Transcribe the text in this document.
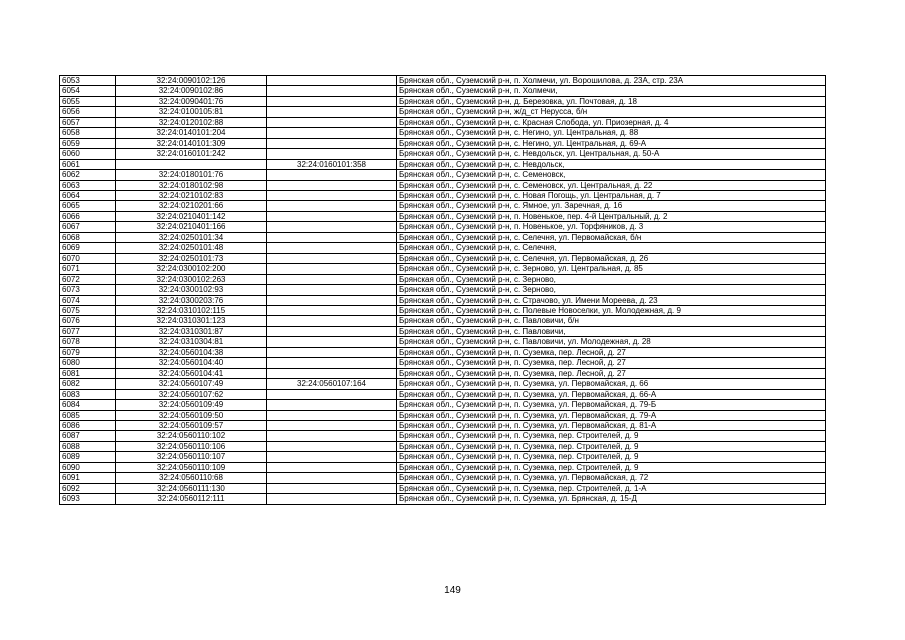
6053	32:24:0090102:126		Брянская обл., Суземский р-н, п. Холмечи, ул. Ворошилова, д. 23А, стр. 23А
6054	32:24:0090102:86		Брянская обл., Суземский р-н, п. Холмечи,
6055	32:24:0090401:76		Брянская обл., Суземский р-н, д. Березовка, ул. Почтовая, д. 18
6056	32:24:0100105:81		Брянская обл., Суземский р-н, ж/д_ст Нерусса, б/н
6057	32:24:0120102:88		Брянская обл., Суземский р-н, с. Красная Слобода, ул. Приозерная, д. 4
6058	32:24:0140101:204		Брянская обл., Суземский р-н, с. Негино, ул. Центральная, д. 88
6059	32:24:0140101:309		Брянская обл., Суземский р-н, с. Негино, ул. Центральная, д. 69-А
6060	32:24:0160101:242		Брянская обл., Суземский р-н, с. Невдольск, ул. Центральная, д. 50-А
6061		32:24:0160101:358	Брянская обл., Суземский р-н, с. Невдольск,
6062	32:24:0180101:76		Брянская обл., Суземский р-н, с. Семеновск,
6063	32:24:0180102:98		Брянская обл., Суземский р-н, с. Семеновск, ул. Центральная, д. 22
6064	32:24:0210102:83		Брянская обл., Суземский р-н, с. Новая Погощь, ул. Центральная, д. 7
6065	32:24:0210201:66		Брянская обл., Суземский р-н, с. Ямное, ул. Заречная, д. 16
6066	32:24:0210401:142		Брянская обл., Суземский р-н, п. Новенькое, пер. 4-й Центральный, д. 2
6067	32:24:0210401:166		Брянская обл., Суземский р-н, п. Новенькое, ул. Торфяников, д. 3
6068	32:24:0250101:34		Брянская обл., Суземский р-н, с. Селечня, ул. Первомайская, б/н
6069	32:24:0250101:48		Брянская обл., Суземский р-н, с. Селечня,
6070	32:24:0250101:73		Брянская обл., Суземский р-н, с. Селечня, ул. Первомайская, д. 26
6071	32:24:0300102:200		Брянская обл., Суземский р-н, с. Зерново, ул. Центральная, д. 85
6072	32:24:0300102:263		Брянская обл., Суземский р-н, с. Зерново,
6073	32:24:0300102:93		Брянская обл., Суземский р-н, с. Зерново,
6074	32:24:0300203:76		Брянская обл., Суземский р-н, с. Страчово, ул. Имени Мореева, д. 23
6075	32:24:0310102:115		Брянская обл., Суземский р-н, с. Полевые Новоселки, ул. Молодежная, д. 9
6076	32:24:0310301:123		Брянская обл., Суземский р-н, с. Павловичи, б/н
6077	32:24:0310301:87		Брянская обл., Суземский р-н, с. Павловичи,
6078	32:24:0310304:81		Брянская обл., Суземский р-н, с. Павловичи, ул. Молодежная, д. 28
6079	32:24:0560104:38		Брянская обл., Суземский р-н, п. Суземка, пер. Лесной, д. 27
6080	32:24:0560104:40		Брянская обл., Суземский р-н, п. Суземка, пер. Лесной, д. 27
6081	32:24:0560104:41		Брянская обл., Суземский р-н, п. Суземка, пер. Лесной, д. 27
6082	32:24:0560107:49	32:24:0560107:164	Брянская обл., Суземский р-н, п. Суземка, ул. Первомайская, д. 66
6083	32:24:0560107:62		Брянская обл., Суземский р-н, п. Суземка, ул. Первомайская, д. 66-А
6084	32:24:0560109:49		Брянская обл., Суземский р-н, п. Суземка, ул. Первомайская, д. 79-Б
6085	32:24:0560109:50		Брянская обл., Суземский р-н, п. Суземка, ул. Первомайская, д. 79-А
6086	32:24:0560109:57		Брянская обл., Суземский р-н, п. Суземка, ул. Первомайская, д. 81-А
6087	32:24:0560110:102		Брянская обл., Суземский р-н, п. Суземка, пер. Строителей, д. 9
6088	32:24:0560110:106		Брянская обл., Суземский р-н, п. Суземка, пер. Строителей, д. 9
6089	32:24:0560110:107		Брянская обл., Суземский р-н, п. Суземка, пер. Строителей, д. 9
6090	32:24:0560110:109		Брянская обл., Суземский р-н, п. Суземка, пер. Строителей, д. 9
6091	32:24:0560110:68		Брянская обл., Суземский р-н, п. Суземка, ул. Первомайская, д. 72
6092	32:24:0560111:130		Брянская обл., Суземский р-н, п. Суземка, пер. Строителей, д. 1-А
6093	32:24:0560112:111		Брянская обл., Суземский р-н, п. Суземка, ул. Брянская, д. 15-Д
149
